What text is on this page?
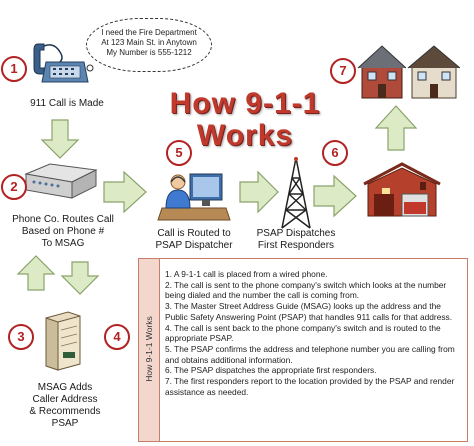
I need the Fire Department
At 123 Main St. in Anytown
My Number is 555-1212
How 9-1-1
Works
1
2
3	4
5	6
7
911 Call is Made
Phone Co. Routes Call
Based on Phone #
To MSAG
MSAG Adds
Caller Address
& Recommends
PSAP
Call is Routed to
PSAP Dispatcher
PSAP Dispatches
First Responders
How 9-1-1 Works
1. A 9-1-1 call is placed from a wired phone.
2. The call is sent to the phone company's switch which looks at the number being dialed and the number the call is coming from.
3. The Master Street Address Guide (MSAG) looks up the address and the Public Safety Answering Point (PSAP) that handles 911 calls for that address.
4. The call is sent back to the phone company's switch and is routed to the appropriate PSAP.
5. The PSAP confirms the address and telephone number you are calling from and obtains additional information.
6. The PSAP dispatches the appropriate first responders.
7. The first responders report to the location provided by the PSAP and render assistance as needed.
